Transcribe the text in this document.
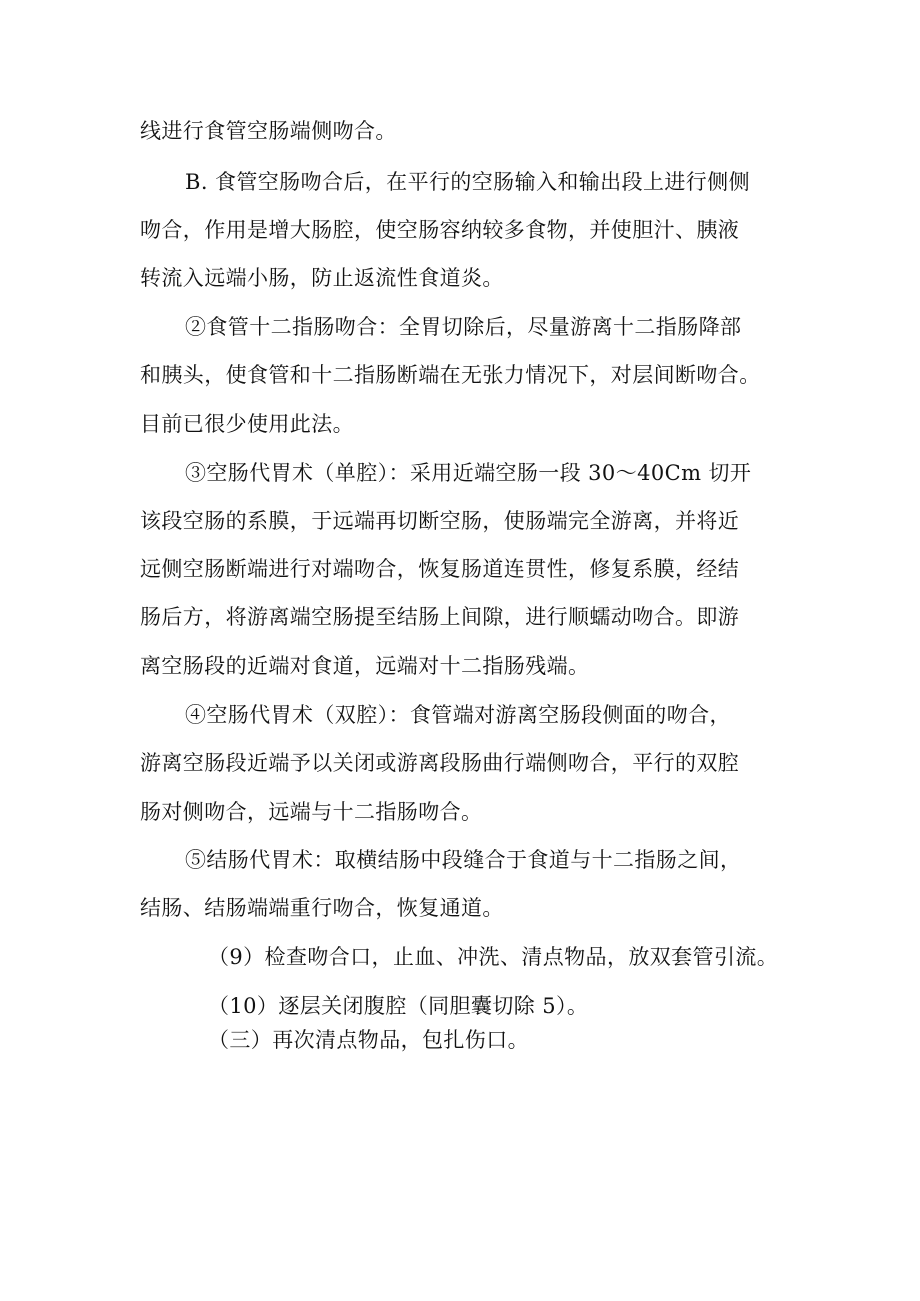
线进行食管空肠端侧吻合。
B. 食管空肠吻合后，在平行的空肠输入和输出段上进行侧侧
吻合，作用是增大肠腔，使空肠容纳较多食物，并使胆汁、胰液
转流入远端小肠，防止返流性食道炎。
②食管十二指肠吻合：全胃切除后，尽量游离十二指肠降部
和胰头，使食管和十二指肠断端在无张力情况下，对层间断吻合。
目前已很少使用此法。
③空肠代胃术（单腔）：采用近端空肠一段 30～40Cm 切开
该段空肠的系膜，于远端再切断空肠，使肠端完全游离，并将近
远侧空肠断端进行对端吻合，恢复肠道连贯性，修复系膜，经结
肠后方，将游离端空肠提至结肠上间隙，进行顺蠕动吻合。即游
离空肠段的近端对食道，远端对十二指肠残端。
④空肠代胃术（双腔）：食管端对游离空肠段侧面的吻合，
游离空肠段近端予以关闭或游离段肠曲行端侧吻合，平行的双腔
肠对侧吻合，远端与十二指肠吻合。
⑤结肠代胃术：取横结肠中段缝合于食道与十二指肠之间，
结肠、结肠端端重行吻合，恢复通道。
（9）检查吻合口，止血、冲洗、清点物品，放双套管引流。
（10）逐层关闭腹腔（同胆囊切除 5）。
（三）再次清点物品，包扎伤口。
